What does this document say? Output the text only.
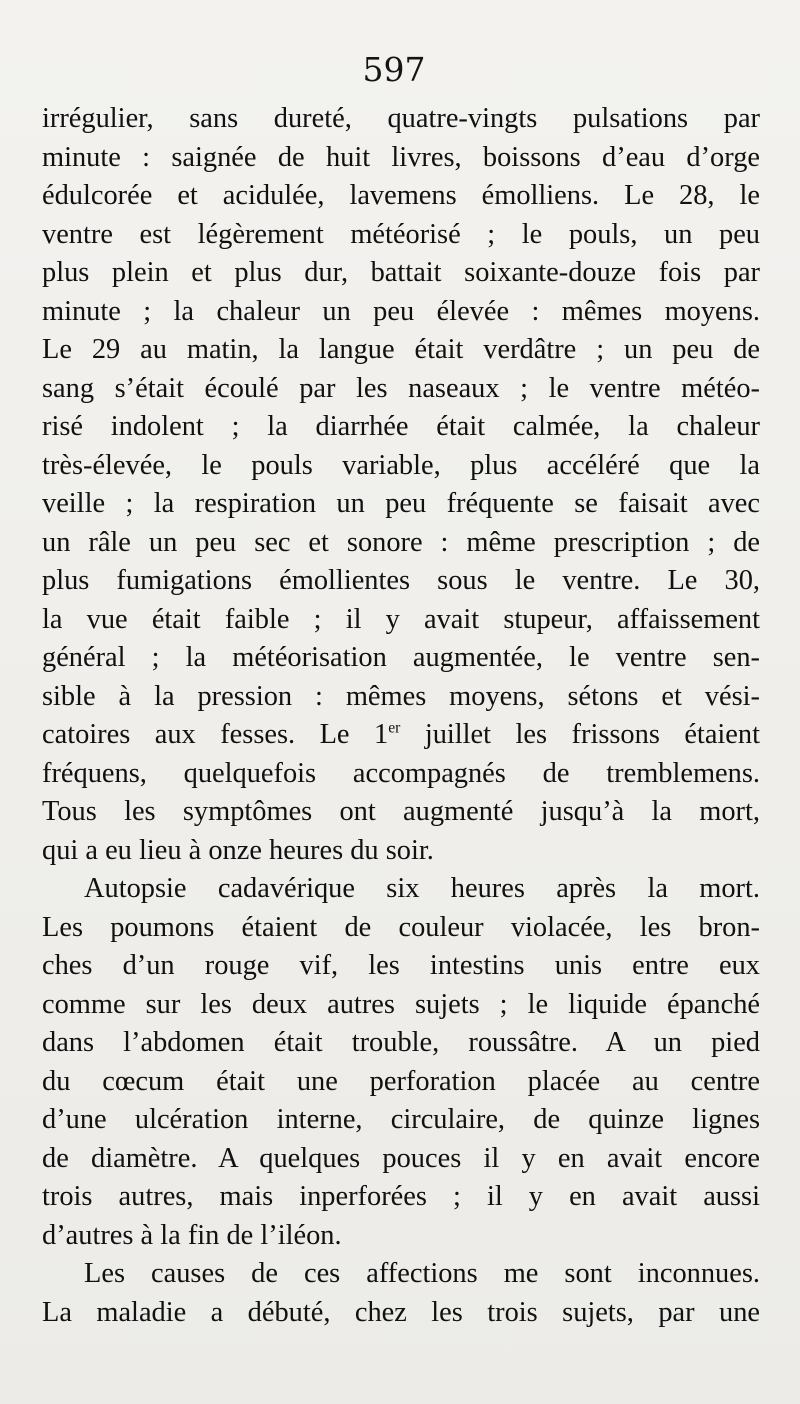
597

irrégulier, sans dureté, quatre-vingts pulsations par
minute : saignée de huit livres, boissons d’eau d’orge
édulcorée et acidulée, lavemens émolliens. Le 28, le
ventre est légèrement météorisé ; le pouls, un peu
plus plein et plus dur, battait soixante-douze fois par
minute ; la chaleur un peu élevée : mêmes moyens.
Le 29 au matin, la langue était verdâtre ; un peu de
sang s’était écoulé par les naseaux ; le ventre météo-
risé indolent ; la diarrhée était calmée, la chaleur
très-élevée, le pouls variable, plus accéléré que la
veille ; la respiration un peu fréquente se faisait avec
un râle un peu sec et sonore : même prescription ; de
plus fumigations émollientes sous le ventre. Le 30,
la vue était faible ; il y avait stupeur, affaissement
général ; la météorisation augmentée, le ventre sen-
sible à la pression : mêmes moyens, sétons et vési-
catoires aux fesses. Le 1er juillet les frissons étaient
fréquens, quelquefois accompagnés de tremblemens.
Tous les symptômes ont augmenté jusqu’à la mort,
qui a eu lieu à onze heures du soir.

Autopsie cadavérique six heures après la mort.
Les poumons étaient de couleur violacée, les bron-
ches d’un rouge vif, les intestins unis entre eux
comme sur les deux autres sujets ; le liquide épanché
dans l’abdomen était trouble, roussâtre. A un pied
du cœcum était une perforation placée au centre
d’une ulcération interne, circulaire, de quinze lignes
de diamètre. A quelques pouces il y en avait encore
trois autres, mais inperforées ; il y en avait aussi
d’autres à la fin de l’iléon.

Les causes de ces affections me sont inconnues.
La maladie a débuté, chez les trois sujets, par une
